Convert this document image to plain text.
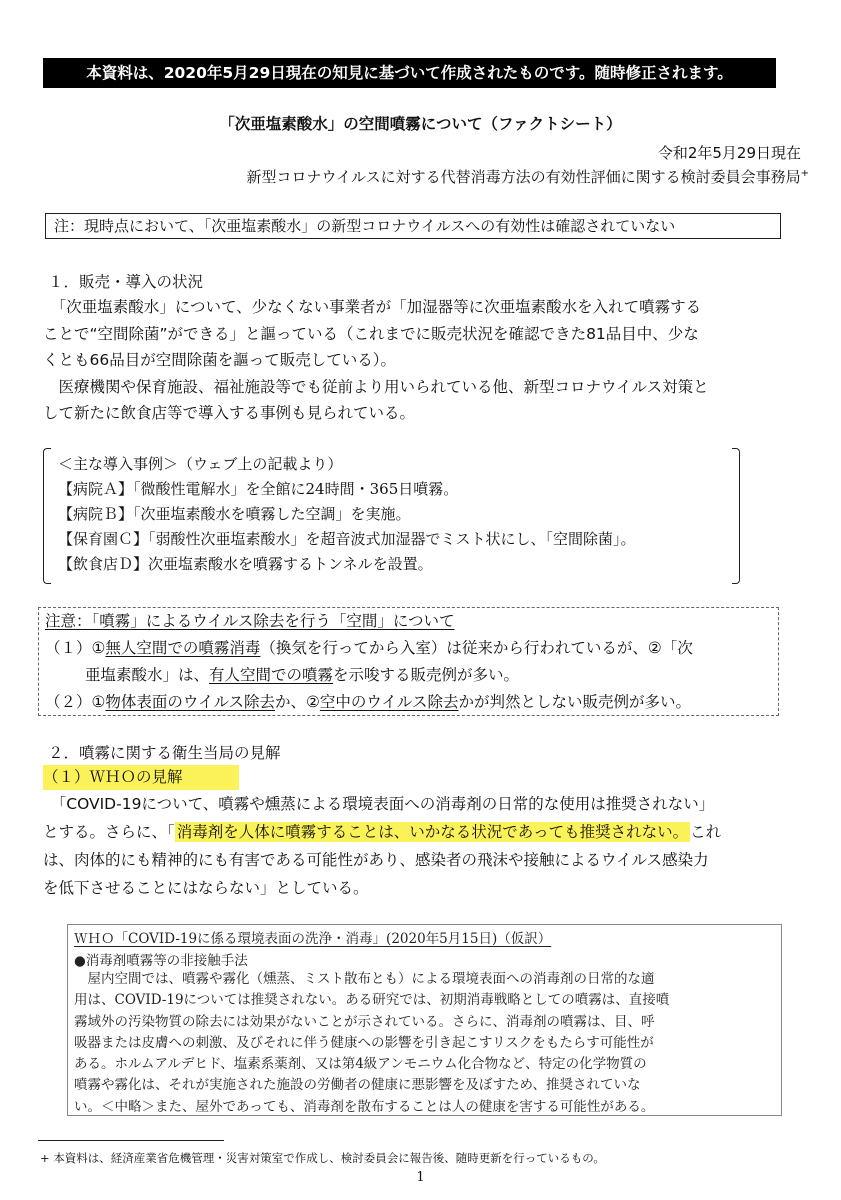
本資料は、2020年5月29日現在の知見に基づいて作成されたものです。随時修正されます。
「次亜塩素酸水」の空間噴霧について（ファクトシート）
令和2年5月29日現在
新型コロナウイルスに対する代替消毒方法の有効性評価に関する検討委員会事務局+
注：現時点において、「次亜塩素酸水」の新型コロナウイルスへの有効性は確認されていない
１．販売・導入の状況

　「次亜塩素酸水」について、少なくない事業者が「加湿器等に次亜塩素酸水を入れて噴霧する

ことで“空間除菌”ができる」と謳っている（これまでに販売状況を確認できた81品目中、少な

くとも66品目が空間除菌を謳って販売している）。

　医療機関や保育施設、福祉施設等でも従前より用いられている他、新型コロナウイルス対策と

して新たに飲食店等で導入する事例も見られている。

＜主な導入事例＞（ウェブ上の記載より）
【病院Ａ】「微酸性電解水」を全館に24時間・365日噴霧。
【病院Ｂ】「次亜塩素酸水を噴霧した空調」を実施。
【保育園Ｃ】「弱酸性次亜塩素酸水」を超音波式加湿器でミスト状にし、「空間除菌」。
【飲食店Ｄ】次亜塩素酸水を噴霧するトンネルを設置。

注意：「噴霧」によるウイルス除去を行う「空間」について

（１）①無人空間での噴霧消毒（換気を行ってから入室）は従来から行われているが、②「次

亜塩素酸水」は、有人空間での噴霧を示唆する販売例が多い。

（２）①物体表面のウイルス除去か、②空中のウイルス除去かが判然としない販売例が多い。

２．噴霧に関する衛生当局の見解
（１）ＷＨＯの見解

　「COVID-19について、噴霧や燻蒸による環境表面への消毒剤の日常的な使用は推奨されない」

とする。さらに、「 消毒剤を人体に噴霧することは、いかなる状況であっても推奨されない。 これ

は、肉体的にも精神的にも有害である可能性があり、感染者の飛沫や接触によるウイルス感染力

を低下させることにはならない」としている。

ＷＨＯ「COVID-19に係る環境表面の洗浄・消毒」(2020年5月15日)（仮訳）
●消毒剤噴霧等の非接触手法

　屋内空間では、噴霧や霧化（燻蒸、ミスト散布とも）による環境表面への消毒剤の日常的な適

用は、COVID-19については推奨されない。ある研究では、初期消毒戦略としての噴霧は、直接噴

霧域外の汚染物質の除去には効果がないことが示されている。さらに、消毒剤の噴霧は、目、呼

吸器または皮膚への刺激、及びそれに伴う健康への影響を引き起こすリスクをもたらす可能性が

ある。ホルムアルデヒド、塩素系薬剤、又は第4級アンモニウム化合物など、特定の化学物質の

噴霧や霧化は、それが実施された施設の労働者の健康に悪影響を及ぼすため、推奨されていな

い。＜中略＞また、屋外であっても、消毒剤を散布することは人の健康を害する可能性がある。

+ 本資料は、経済産業省危機管理・災害対策室で作成し、検討委員会に報告後、随時更新を行っているもの。
1
